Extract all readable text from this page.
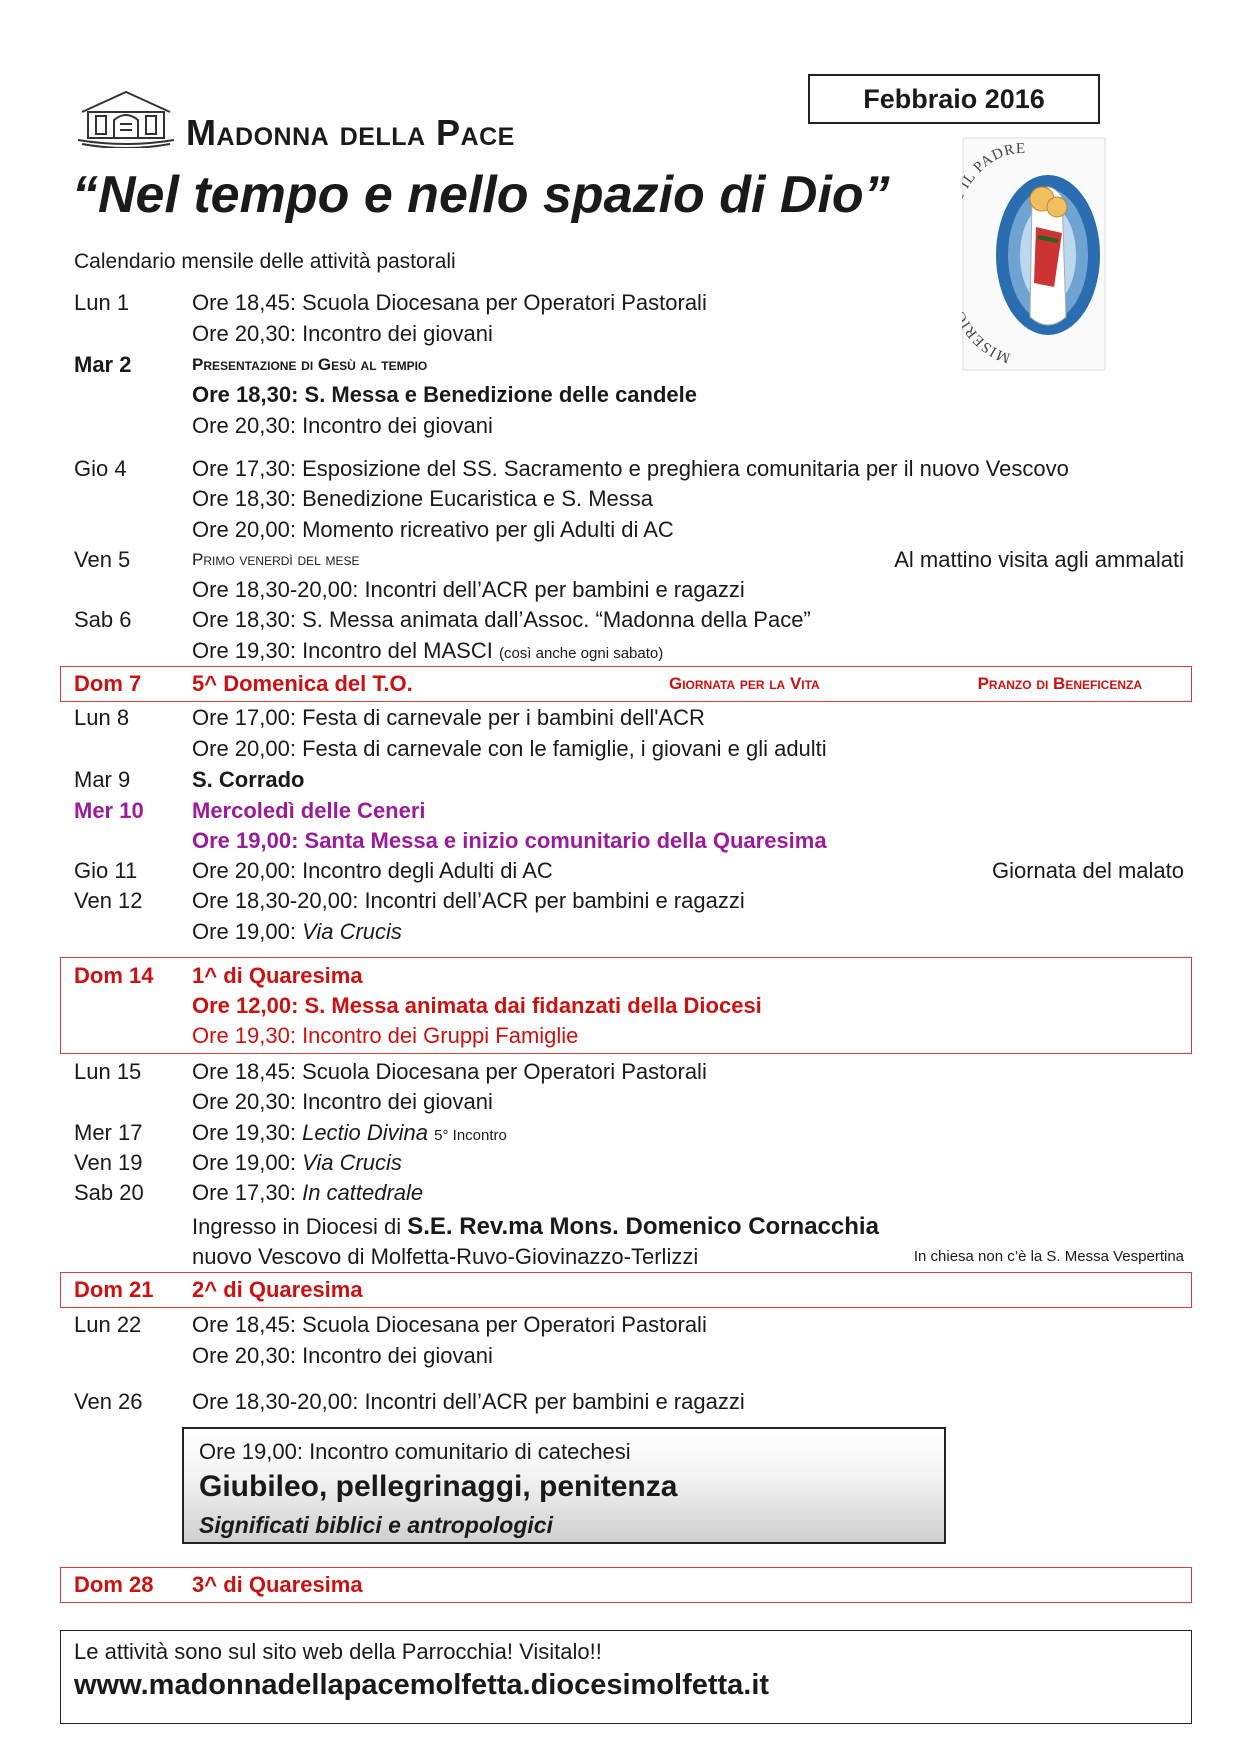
Madonna della Pace
Febbraio 2016
“Nel tempo e nello spazio di Dio”
MISER L PADRE
Calendario mensile delle attività pastorali
Lun 1	Ore 18,45: Scuola Diocesana per Operatori Pastorali
Ore 20,30: Incontro dei giovani
Mar 2	Presentazione di Gesù al tempio
Ore 18,30: S. Messa e Benedizione delle candele
Ore 20,30: Incontro dei giovani
Gio 4	Ore 17,30: Esposizione del SS. Sacramento e preghiera comunitaria per il nuovo Vescovo
Ore 18,30: Benedizione Eucaristica e S. Messa
Ore 20,00: Momento ricreativo per gli Adulti di AC
Ven 5	Primo venerdì del mese	Al mattino visita agli ammalati
Ore 18,30-20,00: Incontri dell’ACR per bambini e ragazzi
Sab 6	Ore 18,30: S. Messa animata dall’Assoc. “Madonna della Pace”
Ore 19,30: Incontro del MASCI (così anche ogni sabato)
Dom 7 5^ Domenica del T.O.	Giornata per la Vita	Pranzo di Beneficenza
Lun 8	Ore 17,00: Festa di carnevale per i bambini dell'ACR
Ore 20,00: Festa di carnevale con le famiglie, i giovani e gli adulti
Mar 9	S. Corrado
Mer 10 Mercoledì delle Ceneri
Ore 19,00: Santa Messa e inizio comunitario della Quaresima
Gio 11 Ore 20,00: Incontro degli Adulti di AC	Giornata del malato
Ven 12 Ore 18,30-20,00: Incontri dell’ACR per bambini e ragazzi
Ore 19,00: Via Crucis
Dom 14 1^ di Quaresima
Ore 12,00: S. Messa animata dai fidanzati della Diocesi
Ore 19,30: Incontro dei Gruppi Famiglie
Lun 15 Ore 18,45: Scuola Diocesana per Operatori Pastorali
Ore 20,30: Incontro dei giovani
Mer 17 Ore 19,30: Lectio Divina 5° Incontro
Ven 19 Ore 19,00: Via Crucis
Sab 20 Ore 17,30: In cattedrale
Ingresso in Diocesi di S.E. Rev.ma Mons. Domenico Cornacchia
nuovo Vescovo di Molfetta-Ruvo-Giovinazzo-Terlizzi	In chiesa non c’è la S. Messa Vespertina
Dom 21 2^ di Quaresima
Lun 22 Ore 18,45: Scuola Diocesana per Operatori Pastorali
Ore 20,30: Incontro dei giovani
Ven 26 Ore 18,30-20,00: Incontri dell’ACR per bambini e ragazzi
Ore 19,00: Incontro comunitario di catechesi
Giubileo, pellegrinaggi, penitenza
Significati biblici e antropologici
Dom 28 3^ di Quaresima
Le attività sono sul sito web della Parrocchia! Visitalo!!
www.madonnadellapacemolfetta.diocesimolfetta.it
